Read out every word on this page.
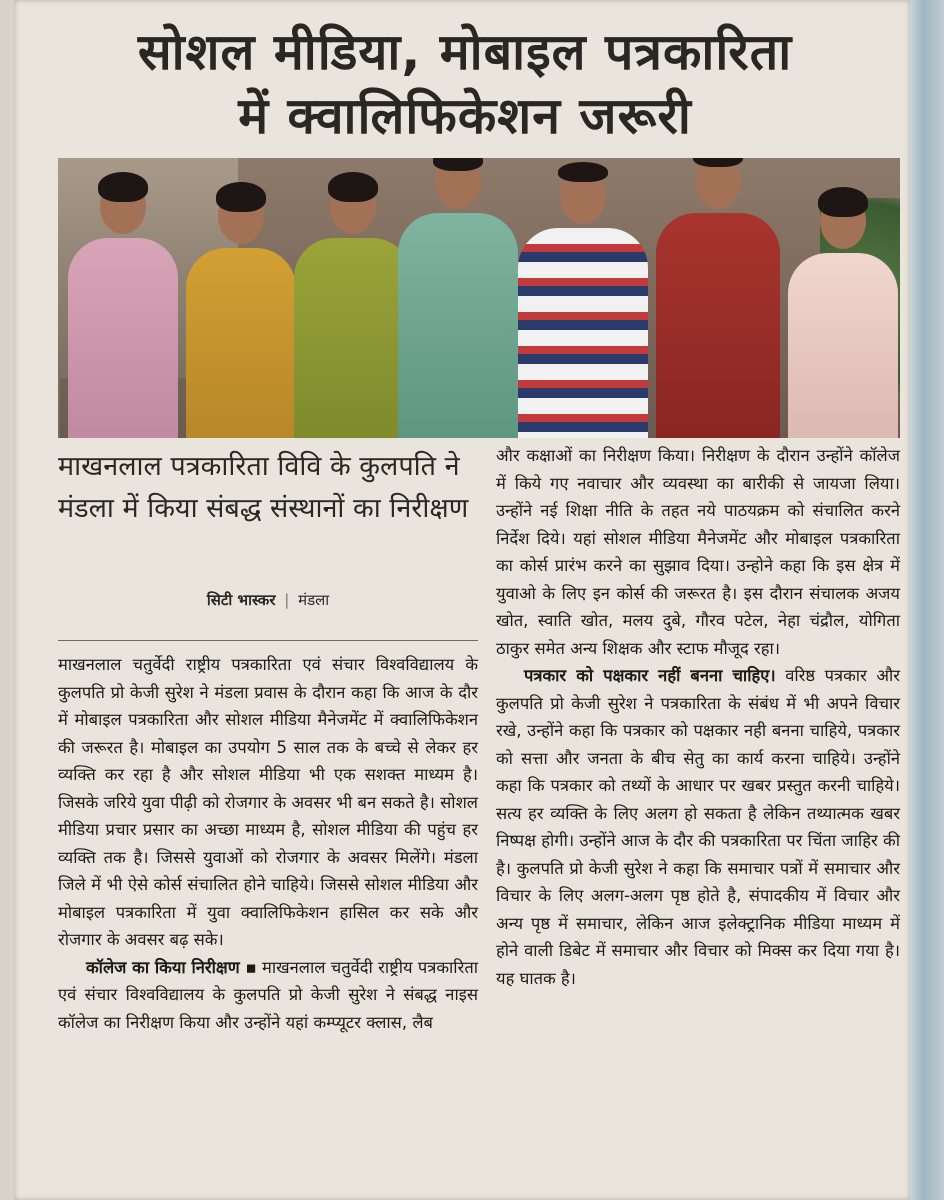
सोशल मीडिया, मोबाइल पत्रकारिता
में क्वालिफिकेशन जरूरी
माखनलाल पत्रकारिता विवि के कुलपति ने मंडला में किया संबद्ध संस्थानों का निरीक्षण
सिटी भास्कर | मंडला

माखनलाल चतुर्वेदी राष्ट्रीय पत्रकारिता एवं संचार विश्वविद्यालय के कुलपति प्रो केजी सुरेश ने मंडला प्रवास के दौरान कहा कि आज के दौर में मोबाइल पत्रकारिता और सोशल मीडिया मैनेजमेंट में क्वालिफिकेशन की जरूरत है। मोबाइल का उपयोग 5 साल तक के बच्चे से लेकर हर व्यक्ति कर रहा है और सोशल मीडिया भी एक सशक्त माध्यम है। जिसके जरिये युवा पीढ़ी को रोजगार के अवसर भी बन सकते है। सोशल मीडिया प्रचार प्रसार का अच्छा माध्यम है, सोशल मीडिया की पहुंच हर व्यक्ति तक है। जिससे युवाओं को रोजगार के अवसर मिलेंगे। मंडला जिले में भी ऐसे कोर्स संचालित होने चाहिये। जिससे सोशल मीडिया और मोबाइल पत्रकारिता में युवा क्वालिफिकेशन हासिल कर सके और रोजगार के अवसर बढ़ सके।

कॉलेज का किया निरीक्षण ▪ माखनलाल चतुर्वेदी राष्ट्रीय पत्रकारिता एवं संचार विश्वविद्यालय के कुलपति प्रो केजी सुरेश ने संबद्ध नाइस कॉलेज का निरीक्षण किया और उन्होंने यहां कम्प्यूटर क्लास, लैब

और कक्षाओं का निरीक्षण किया। निरीक्षण के दौरान उन्होंने कॉलेज में किये गए नवाचार और व्यवस्था का बारीकी से जायजा लिया। उन्होंने नई शिक्षा नीति के तहत नये पाठयक्रम को संचालित करने निर्देश दिये। यहां सोशल मीडिया मैनेजमेंट और मोबाइल पत्रकारिता का कोर्स प्रारंभ करने का सुझाव दिया। उन्होने कहा कि इस क्षेत्र में युवाओ के लिए इन कोर्स की जरूरत है। इस दौरान संचालक अजय खोत, स्वाति खोत, मलय दुबे, गौरव पटेल, नेहा चंद्रौल, योगिता ठाकुर समेत अन्य शिक्षक और स्टाफ मौजूद रहा।

पत्रकार को पक्षकार नहीं बनना चाहिए। वरिष्ठ पत्रकार और कुलपति प्रो केजी सुरेश ने पत्रकारिता के संबंध में भी अपने विचार रखे, उन्होंने कहा कि पत्रकार को पक्षकार नही बनना चाहिये, पत्रकार को सत्ता और जनता के बीच सेतु का कार्य करना चाहिये। उन्होंने कहा कि पत्रकार को तथ्यों के आधार पर खबर प्रस्तुत करनी चाहिये। सत्य हर व्यक्ति के लिए अलग हो सकता है लेकिन तथ्यात्मक खबर निष्पक्ष होगी। उन्होंने आज के दौर की पत्रकारिता पर चिंता जाहिर की है। कुलपति प्रो केजी सुरेश ने कहा कि समाचार पत्रों में समाचार और विचार के लिए अलग-अलग पृष्ठ होते है, संपादकीय में विचार और अन्य पृष्ठ में समाचार, लेकिन आज इलेक्ट्रानिक मीडिया माध्यम में होने वाली डिबेट में समाचार और विचार को मिक्स कर दिया गया है। यह घातक है।
